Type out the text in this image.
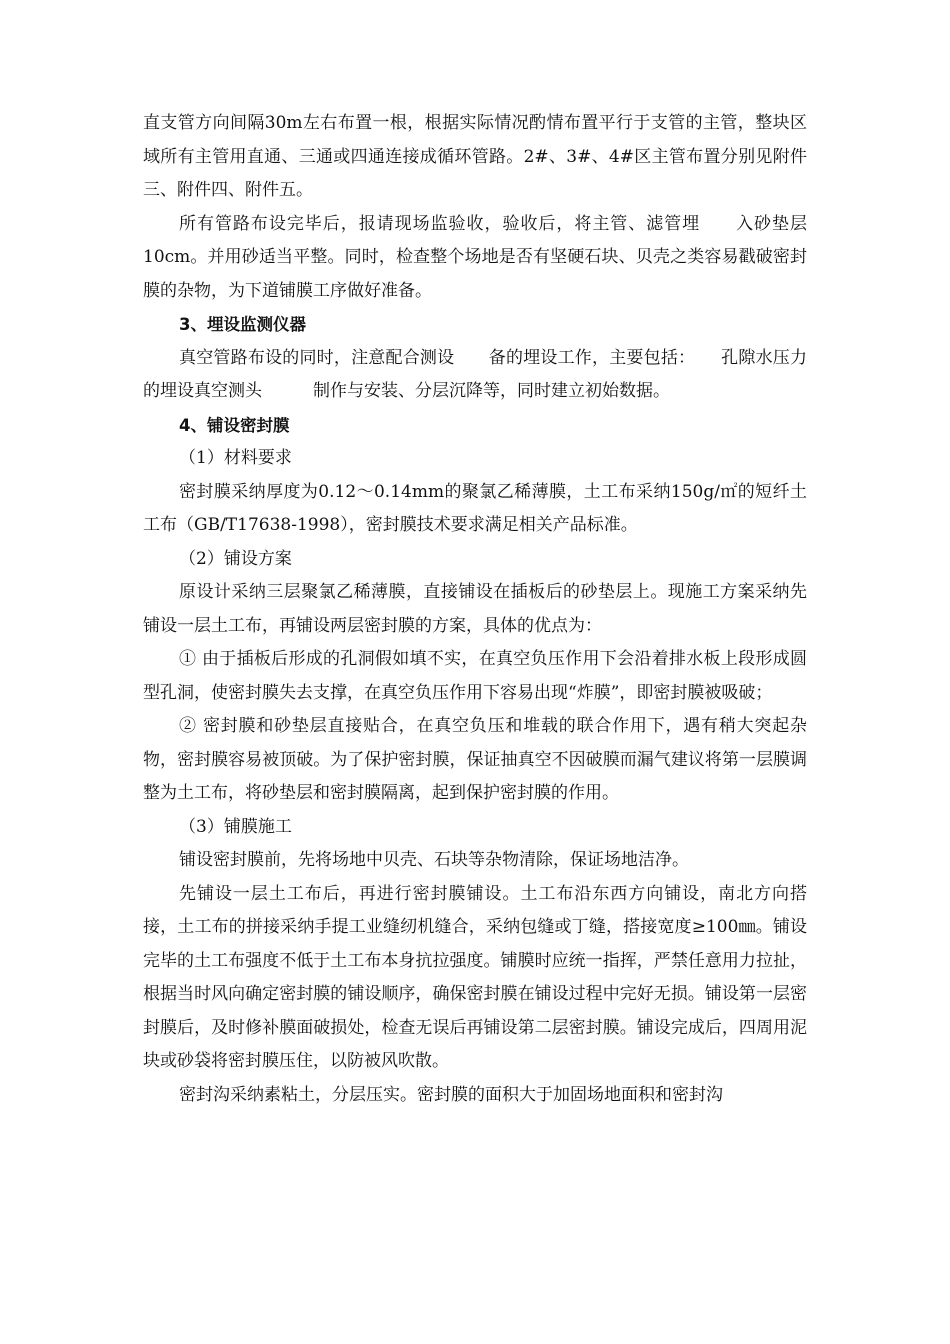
直支管方向间隔30m左右布置一根，根据实际情况酌情布置平行于支管的主管，整块区域所有主管用直通、三通或四通连接成循环管路。2#、3#、4#区主管布置分别见附件三、附件四、附件五。

所有管路布设完毕后，报请现场监验收，验收后，将主管、滤管埋　　入砂垫层10cm。并用砂适当平整。同时，检查整个场地是否有坚硬石块、贝壳之类容易戳破密封膜的杂物，为下道铺膜工序做好准备。

3、埋设监测仪器

真空管路布设的同时，注意配合测设　　备的埋设工作，主要包括：　　孔隙水压力的埋设真空测头　　　制作与安装、分层沉降等，同时建立初始数据。

4、铺设密封膜

（1）材料要求

密封膜采纳厚度为0.12～0.14mm的聚氯乙稀薄膜，土工布采纳150g/㎡的短纤土工布（GB/T17638-1998），密封膜技术要求满足相关产品标准。

（2）铺设方案

原设计采纳三层聚氯乙稀薄膜，直接铺设在插板后的砂垫层上。现施工方案采纳先铺设一层土工布，再铺设两层密封膜的方案，具体的优点为：

① 由于插板后形成的孔洞假如填不实，在真空负压作用下会沿着排水板上段形成圆型孔洞，使密封膜失去支撑，在真空负压作用下容易出现“炸膜”，即密封膜被吸破；

② 密封膜和砂垫层直接贴合，在真空负压和堆载的联合作用下，遇有稍大突起杂物，密封膜容易被顶破。为了保护密封膜，保证抽真空不因破膜而漏气建议将第一层膜调整为土工布，将砂垫层和密封膜隔离，起到保护密封膜的作用。

（3）铺膜施工

铺设密封膜前，先将场地中贝壳、石块等杂物清除，保证场地洁净。

先铺设一层土工布后，再进行密封膜铺设。土工布沿东西方向铺设，南北方向搭接，土工布的拼接采纳手提工业缝纫机缝合，采纳包缝或丁缝，搭接宽度≥100㎜。铺设完毕的土工布强度不低于土工布本身抗拉强度。铺膜时应统一指挥，严禁任意用力拉扯，根据当时风向确定密封膜的铺设顺序，确保密封膜在铺设过程中完好无损。铺设第一层密封膜后，及时修补膜面破损处，检查无误后再铺设第二层密封膜。铺设完成后，四周用泥块或砂袋将密封膜压住，以防被风吹散。

密封沟采纳素粘土，分层压实。密封膜的面积大于加固场地面积和密封沟
